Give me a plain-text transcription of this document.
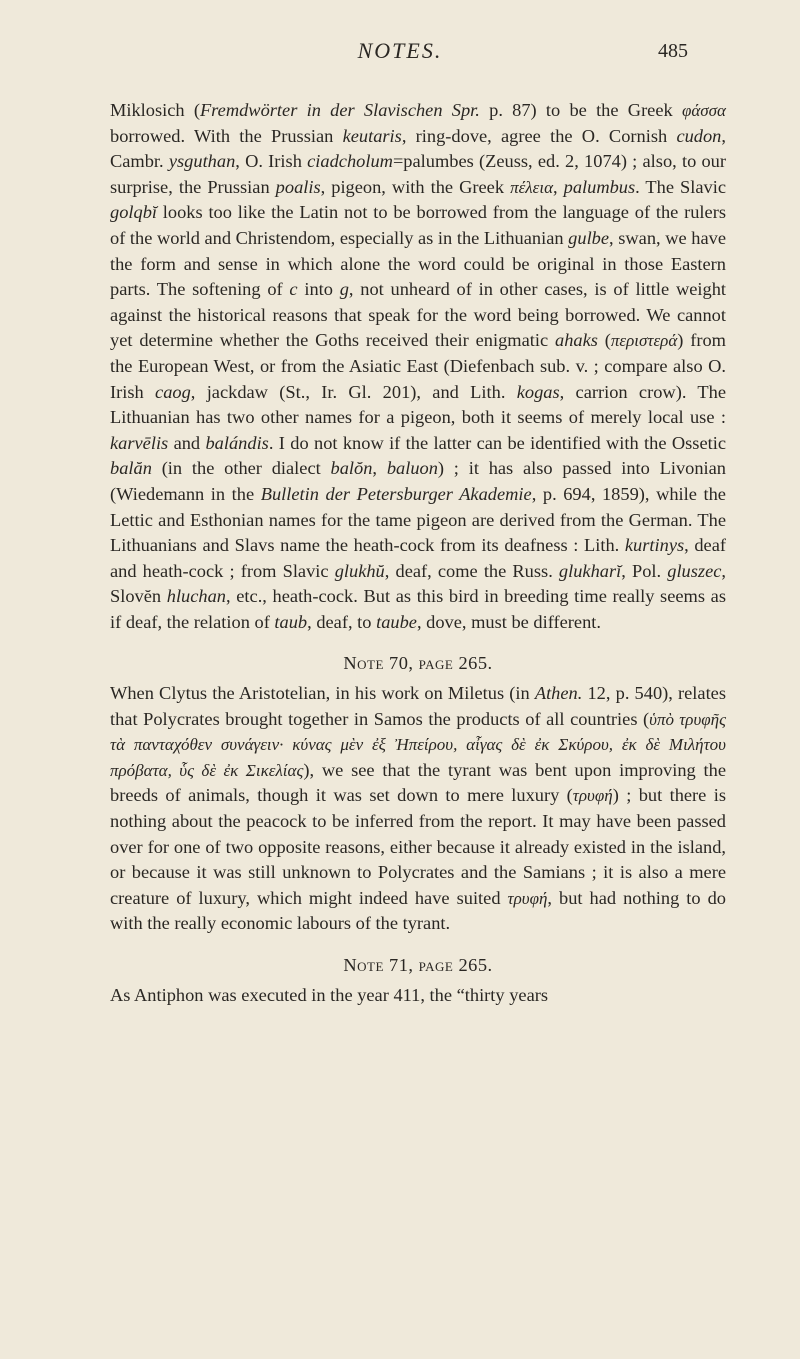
NOTES.	485

Miklosich (Fremdwörter in der Slavischen Spr. p. 87) to be the Greek φάσσα borrowed. With the Prussian keutaris, ring-dove, agree the O. Cornish cudon, Cambr. ysguthan, O. Irish ciadcholum=palumbes (Zeuss, ed. 2, 1074) ; also, to our surprise, the Prussian poalis, pigeon, with the Greek πέλεια, palumbus. The Slavic golqbĭ looks too like the Latin not to be borrowed from the language of the rulers of the world and Christendom, especially as in the Lithuanian gulbe, swan, we have the form and sense in which alone the word could be original in those Eastern parts. The softening of c into g, not unheard of in other cases, is of little weight against the historical reasons that speak for the word being borrowed. We cannot yet determine whether the Goths received their enigmatic ahaks (περιστερά) from the European West, or from the Asiatic East (Diefenbach sub. v. ; compare also O. Irish caog, jackdaw (St., Ir. Gl. 201), and Lith. kogas, carrion crow). The Lithuanian has two other names for a pigeon, both it seems of merely local use : karvēlis and balándis. I do not know if the latter can be identified with the Ossetic balăn (in the other dialect balŏn, baluon) ; it has also passed into Livonian (Wiedemann in the Bulletin der Petersburger Akademie, p. 694, 1859), while the Lettic and Esthonian names for the tame pigeon are derived from the German. The Lithuanians and Slavs name the heath-cock from its deafness : Lith. kurtinys, deaf and heath-cock ; from Slavic glukhŭ, deaf, come the Russ. glukharĭ, Pol. gluszec, Slovĕn hluchan, etc., heath-cock. But as this bird in breeding time really seems as if deaf, the relation of taub, deaf, to taube, dove, must be different.

Note 70, page 265.

When Clytus the Aristotelian, in his work on Miletus (in Athen. 12, p. 540), relates that Polycrates brought together in Samos the products of all countries (ὑπὸ τρυφῆς τὰ πανταχόθεν συνάγειν· κύνας μὲν ἐξ Ἠπείρου, αἶγας δὲ ἐκ Σκύρου, ἐκ δὲ Μιλήτου πρόβατα, ὗς δὲ ἐκ Σικελίας), we see that the tyrant was bent upon improving the breeds of animals, though it was set down to mere luxury (τρυφή) ; but there is nothing about the peacock to be inferred from the report. It may have been passed over for one of two opposite reasons, either because it already existed in the island, or because it was still unknown to Polycrates and the Samians ; it is also a mere creature of luxury, which might indeed have suited τρυφή, but had nothing to do with the really economic labours of the tyrant.

Note 71, page 265.

As Antiphon was executed in the year 411, the “thirty years
